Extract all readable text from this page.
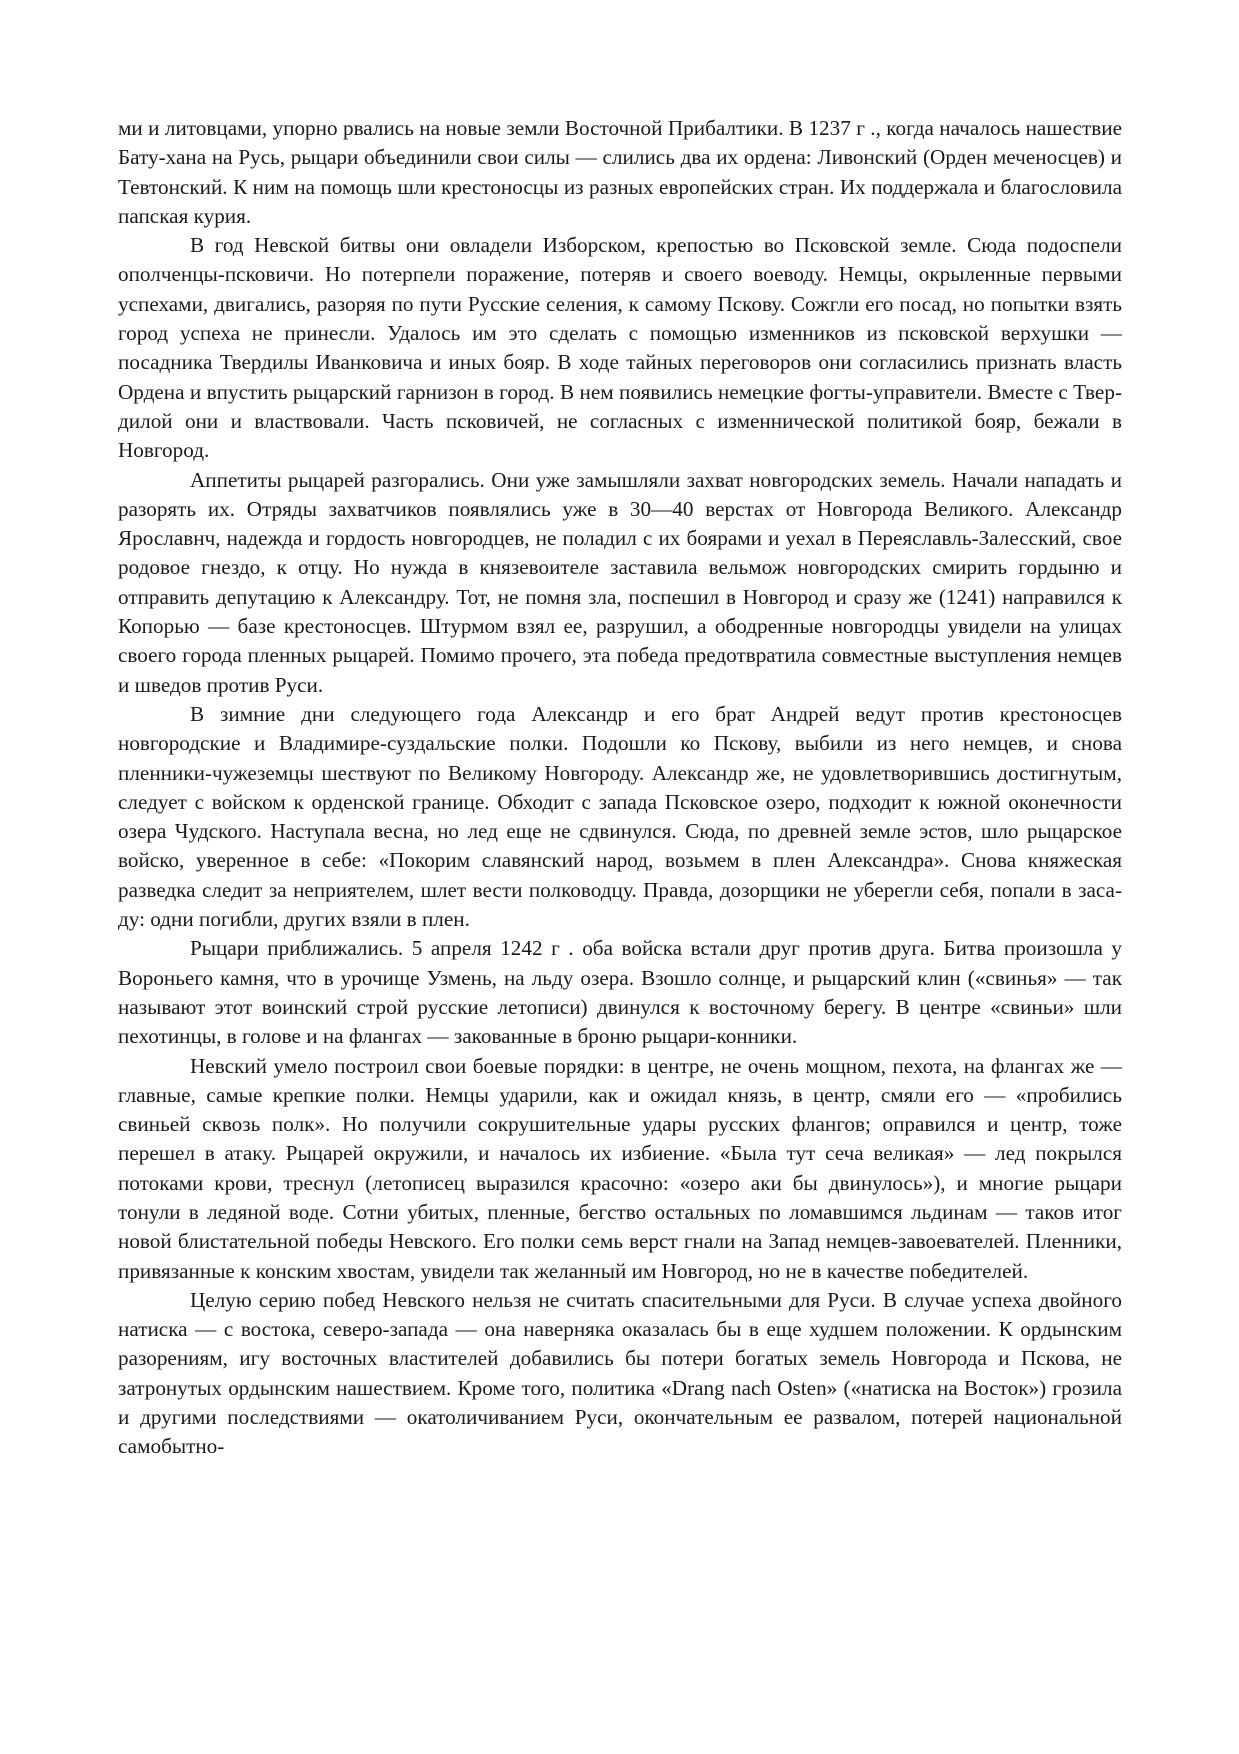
ми и литовцами, упорно рвались на новые земли Восточной Прибалтики. В 1237 г ., когда началось нашествие Бату-хана на Русь, рыцари объединили свои силы — слились два их ордена: Ливонский (Орден меченосцев) и Тевтонский. К ним на помощь шли крестоносцы из разных европейских стран. Их поддержала и благословила папская курия.

В год Невской битвы они овладели Изборском, крепостью во Псковской земле. Сюда подоспели ополченцы-псковичи. Но потерпели поражение, потеряв и своего воеводу. Немцы, окрыленные первыми успехами, двигались, разоряя по пути Русские селения, к самому Пскову. Сожгли его посад, но попытки взять город успеха не принесли. Удалось им это сделать с помощью изменников из псковской верхушки — посадника Твердилы Иванковича и иных бояр. В ходе тайных переговоров они согласились признать власть Ордена и впустить рыцарский гарнизон в город. В нем появились немецкие фогты-управители. Вместе с Твердилой они и властвовали. Часть псковичей, не согласных с изменнической политикой бояр, бежали в Новгород.

Аппетиты рыцарей разгорались. Они уже замышляли захват новгородских земель. Начали нападать и разорять их. Отряды захватчиков появлялись уже в 30—40 верстах от Новгорода Великого. Александр Ярославнч, надежда и гордость новгородцев, не поладил с их боярами и уехал в Переяславль-Залесский, свое родовое гнездо, к отцу. Но нужда в князевоителе заставила вельмож новгородских смирить гордыню и отправить депутацию к Александру. Тот, не помня зла, поспешил в Новгород и сразу же (1241) направился к Копорью — базе крестоносцев. Штурмом взял ее, разрушил, а ободренные новгородцы увидели на улицах своего города пленных рыцарей. Помимо прочего, эта победа предотвратила совместные выступления немцев и шведов против Руси.

В зимние дни следующего года Александр и его брат Андрей ведут против крестоносцев новгородские и Владимире-суздальские полки. Подошли ко Пскову, выбили из него немцев, и снова пленники-чужеземцы шествуют по Великому Новгороду. Александр же, не удовлетворившись достигнутым, следует с войском к орденской границе. Обходит с запада Псковское озеро, подходит к южной оконечности озера Чудского. Наступала весна, но лед еще не сдвинулся. Сюда, по древней земле эстов, шло рыцарское войско, уверенное в себе: «Покорим славянский народ, возьмем в плен Александра». Снова княжеская разведка следит за неприятелем, шлет вести полководцу. Правда, дозорщики не уберегли себя, попали в засаду: одни погибли, других взяли в плен.

Рыцари приближались. 5 апреля 1242 г . оба войска встали друг против друга. Битва произошла у Вороньего камня, что в урочище Узмень, на льду озера. Взошло солнце, и рыцарский клин («свинья» — так называют этот воинский строй русские летописи) двинулся к восточному берегу. В центре «свиньи» шли пехотинцы, в голове и на флангах — закованные в броню рыцари-конники.

Невский умело построил свои боевые порядки: в центре, не очень мощном, пехота, на флангах же — главные, самые крепкие полки. Немцы ударили, как и ожидал князь, в центр, смяли его — «пробились свиньей сквозь полк». Но получили сокрушительные удары русских флангов; оправился и центр, тоже перешел в атаку. Рыцарей окружили, и началось их избиение. «Была тут сеча великая» — лед покрылся потоками крови, треснул (летописец выразился красочно: «озеро аки бы двинулось»), и многие рыцари тонули в ледяной воде. Сотни убитых, пленные, бегство остальных по ломавшимся льдинам — таков итог новой блистательной победы Невского. Его полки семь верст гнали на Запад немцев-завоевателей. Пленники, привязанные к конским хвостам, увидели так желанный им Новгород, но не в качестве победителей.

Целую серию побед Невского нельзя не считать спасительными для Руси. В случае успеха двойного натиска — с востока, северо-запада — она наверняка оказалась бы в еще худшем положении. К ордынским разорениям, игу восточных властителей добавились бы потери богатых земель Новгорода и Пскова, не затронутых ордынским нашествием. Кроме того, политика «Drang nach Osten» («натиска на Восток») грозила и другими последствиями — окатоличиванием Руси, окончательным ее развалом, потерей национальной самобытно-
